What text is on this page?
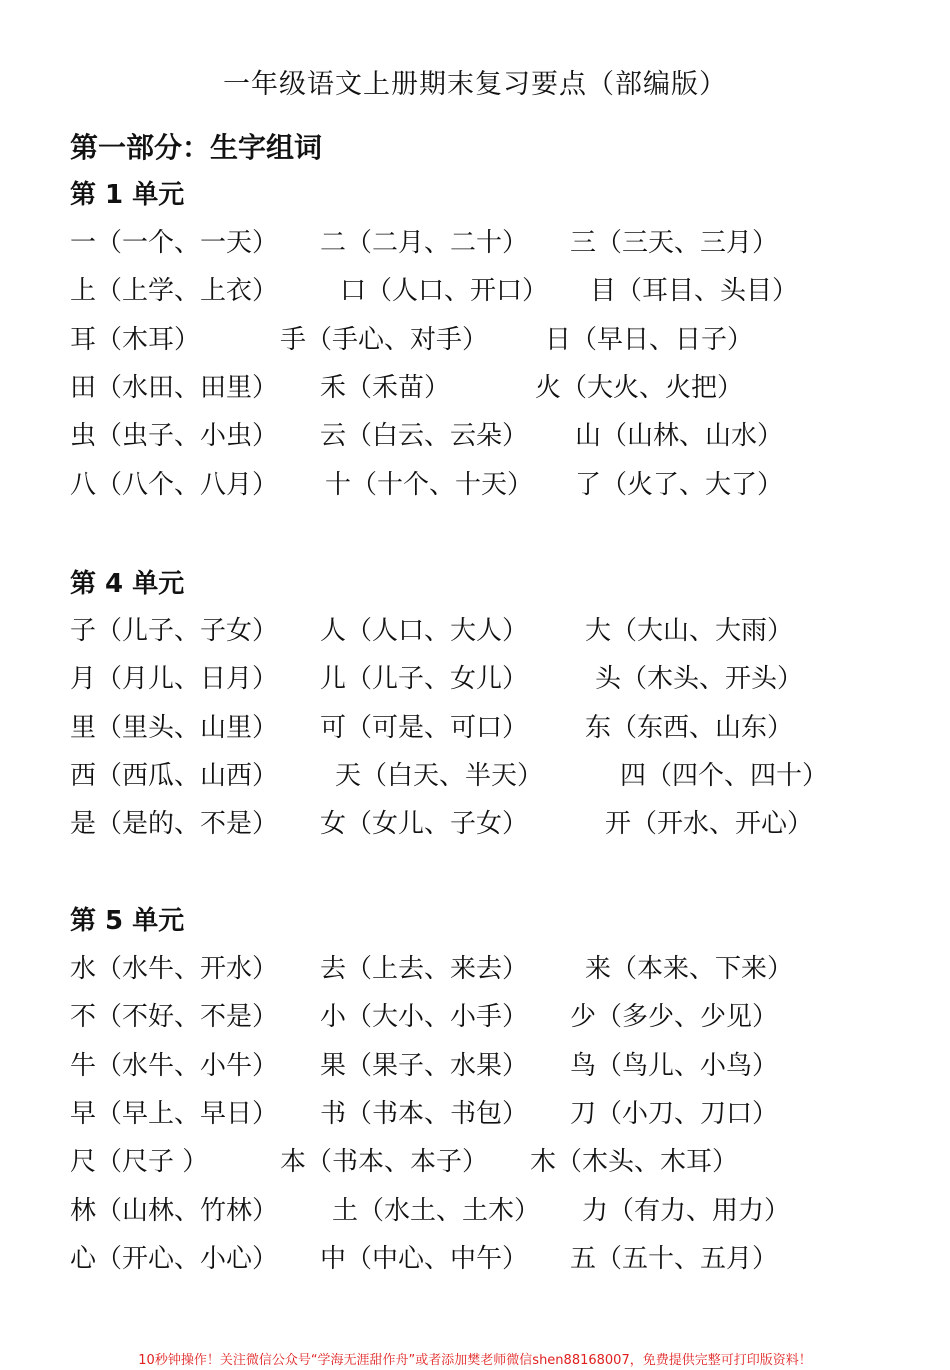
一年级语文上册期末复习要点（部编版）
第一部分：生字组词
第 1 单元
一（一个、一天） 二（二月、二十） 三（三天、三月）
上（上学、上衣） 口（人口、开口） 目（耳目、头目）
耳（木耳）	手（手心、对手） 日（早日、日子）
田（水田、田里） 禾（禾苗）	火（大火、火把）
虫（虫子、小虫） 云（白云、云朵） 山（山林、山水）
八（八个、八月） 十（十个、十天） 了（火了、大了）
第 4 单元
子（儿子、子女） 人（人口、大人） 大（大山、大雨）
月（月儿、日月） 儿（儿子、女儿）	头（木头、开头）
里（里头、山里） 可（可是、可口） 东（东西、山东）
西（西瓜、山西） 天（白天、半天）	四（四个、四十）
是（是的、不是） 女（女儿、子女）	开（开水、开心）
第 5 单元
水（水牛、开水） 去（上去、来去） 来（本来、下来）
不（不好、不是） 小（大小、小手） 少（多少、少见）
牛（水牛、小牛） 果（果子、水果） 鸟（鸟儿、小鸟）
早（早上、早日） 书（书本、书包） 刀（小刀、刀口）
尺（尺子 ）	本（书本、本子） 木（木头、木耳）
林（山林、竹林） 土（水土、土木） 力（有力、用力）
心（开心、小心） 中（中心、中午） 五（五十、五月）
10秒钟操作！关注微信公众号“学海无涯甜作舟”或者添加樊老师微信shen88168007，免费提供完整可打印版资料！
